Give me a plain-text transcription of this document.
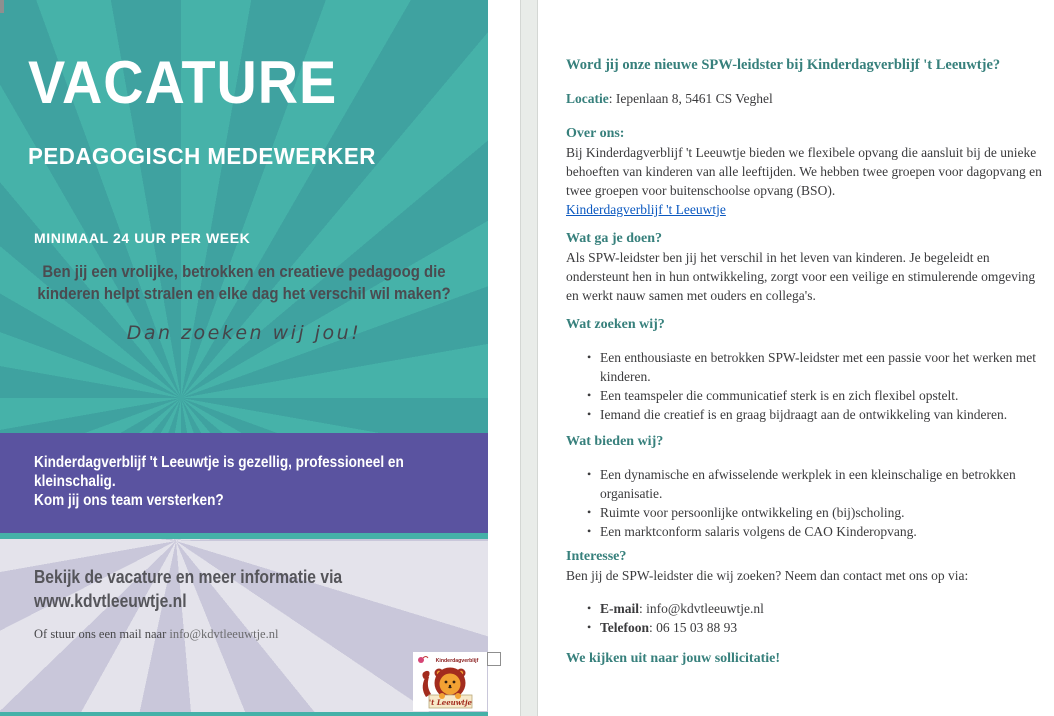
VACATURE
PEDAGOGISCH MEDEWERKER
MINIMAAL 24 UUR PER WEEK
Ben jij een vrolijke, betrokken en creatieve pedagoog die
kinderen helpt stralen en elke dag het verschil wil maken?
Dan zoeken wij jou!
Kinderdagverblijf 't Leeuwtje is gezellig, professioneel en
kleinschalig.
Kom jij ons team versterken?
Bekijk de vacature en meer informatie via
www.kdvtleeuwtje.nl
Of stuur ons een mail naar info@kdvtleeuwtje.nl
Kinderdagverblijf
't Leeuwtje
Word jij onze nieuwe SPW-leidster bij Kinderdagverblijf 't Leeuwtje?
Locatie: Iepenlaan 8, 5461 CS Veghel
Over ons:
Bij Kinderdagverblijf 't Leeuwtje bieden we flexibele opvang die aansluit bij de unieke behoeften van kinderen van alle leeftijden. We hebben twee groepen voor dagopvang en twee groepen voor buitenschoolse opvang (BSO).
Kinderdagverblijf 't Leeuwtje
Wat ga je doen?
Als SPW-leidster ben jij het verschil in het leven van kinderen. Je begeleidt en ondersteunt hen in hun ontwikkeling, zorgt voor een veilige en stimulerende omgeving en werkt nauw samen met ouders en collega's.
Wat zoeken wij?
• Een enthousiaste en betrokken SPW-leidster met een passie voor het werken met kinderen.
• Een teamspeler die communicatief sterk is en zich flexibel opstelt.
• Iemand die creatief is en graag bijdraagt aan de ontwikkeling van kinderen.
Wat bieden wij?
• Een dynamische en afwisselende werkplek in een kleinschalige en betrokken organisatie.
• Ruimte voor persoonlijke ontwikkeling en (bij)scholing.
• Een marktconform salaris volgens de CAO Kinderopvang.
Interesse?
Ben jij de SPW-leidster die wij zoeken? Neem dan contact met ons op via:
• E-mail: info@kdvtleeuwtje.nl
• Telefoon: 06 15 03 88 93
We kijken uit naar jouw sollicitatie!
